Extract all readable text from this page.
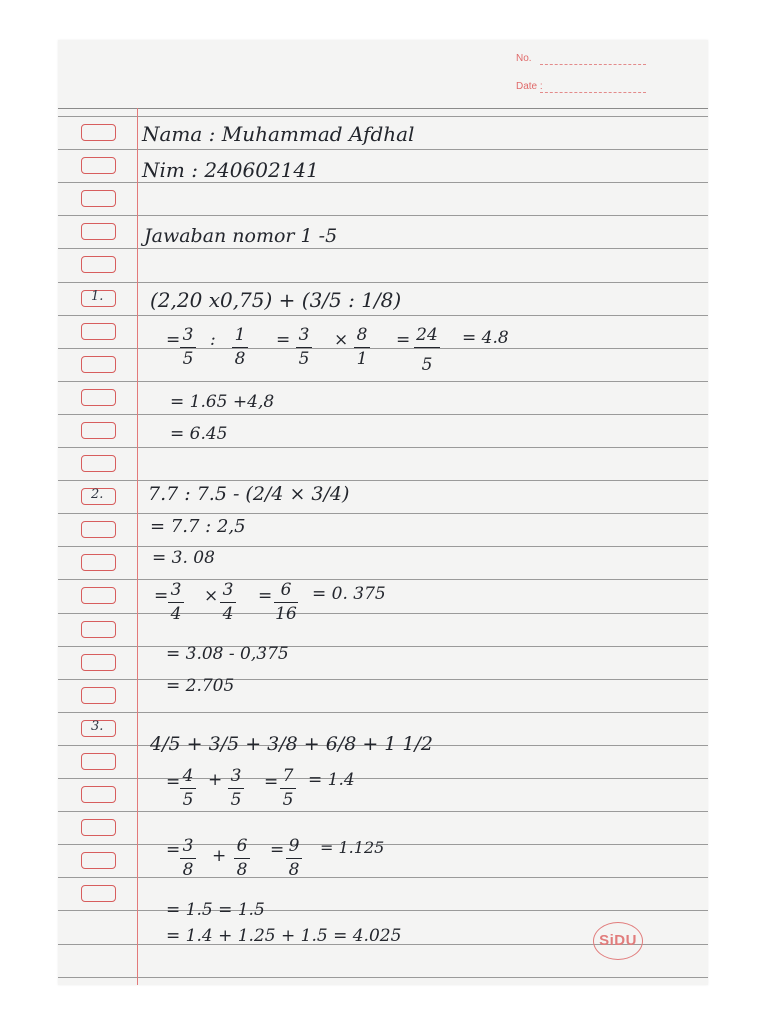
No.
Date :
1.
2.
3.
Nama : Muhammad Afdhal
Nim : 240602141
Jawaban nomor 1 -5
(2,20 x0,75) + (3/5 : 1/8)
= 3
5
: 1
8
= 3
5
× 8
1
= 24
5
= 4.8
= 1.65 +4,8
= 6.45
7.7 : 7.5 - (2/4 × 3/4)
= 7.7 : 2,5
= 3. 08
= 3
4
× 3
4
= 6
16
= 0. 375
= 3.08 - 0,375
= 2.705
4/5 + 3/5 + 3/8 + 6/8 + 1 1/2
= 4
5
+ 3
5
= 7
5
= 1.4
= 3
8
+ 6
8
= 9
8
= 1.125
= 1.5 = 1.5
= 1.4 + 1.25 + 1.5 = 4.025	SiDU
